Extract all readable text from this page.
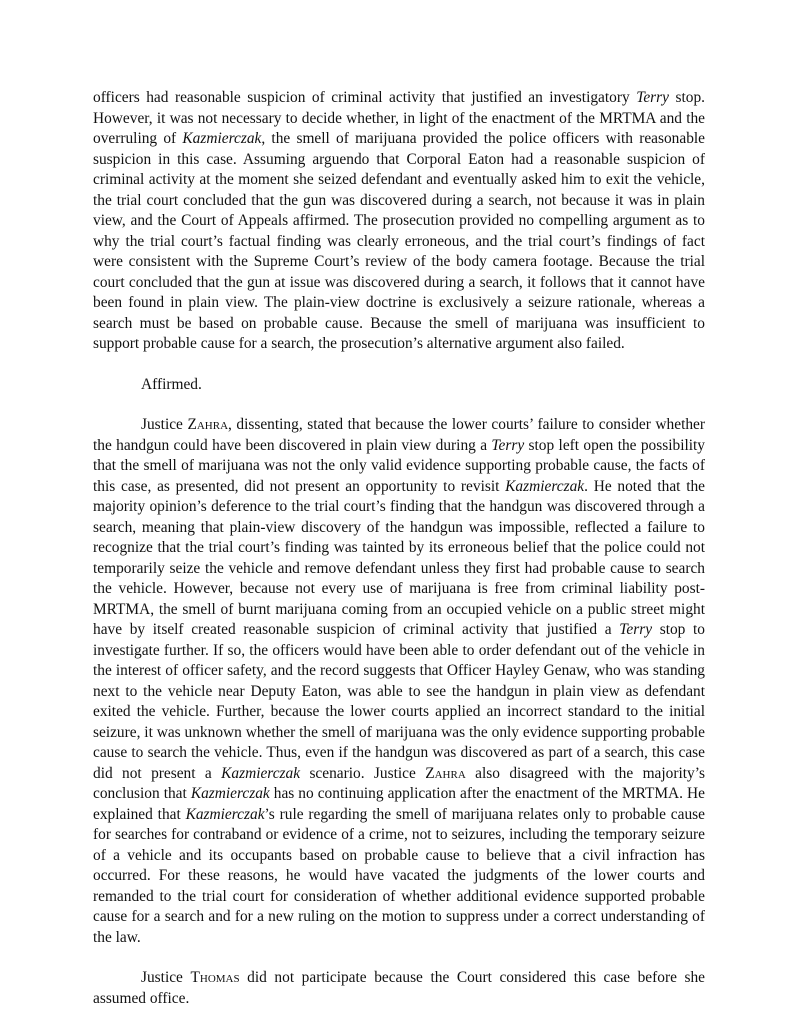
officers had reasonable suspicion of criminal activity that justified an investigatory Terry stop. However, it was not necessary to decide whether, in light of the enactment of the MRTMA and the overruling of Kazmierczak, the smell of marijuana provided the police officers with reasonable suspicion in this case. Assuming arguendo that Corporal Eaton had a reasonable suspicion of criminal activity at the moment she seized defendant and eventually asked him to exit the vehicle, the trial court concluded that the gun was discovered during a search, not because it was in plain view, and the Court of Appeals affirmed. The prosecution provided no compelling argument as to why the trial court’s factual finding was clearly erroneous, and the trial court’s findings of fact were consistent with the Supreme Court’s review of the body camera footage. Because the trial court concluded that the gun at issue was discovered during a search, it follows that it cannot have been found in plain view. The plain-view doctrine is exclusively a seizure rationale, whereas a search must be based on probable cause. Because the smell of marijuana was insufficient to support probable cause for a search, the prosecution’s alternative argument also failed.

Affirmed.

Justice Zahra, dissenting, stated that because the lower courts’ failure to consider whether the handgun could have been discovered in plain view during a Terry stop left open the possibility that the smell of marijuana was not the only valid evidence supporting probable cause, the facts of this case, as presented, did not present an opportunity to revisit Kazmierczak. He noted that the majority opinion’s deference to the trial court’s finding that the handgun was discovered through a search, meaning that plain-view discovery of the handgun was impossible, reflected a failure to recognize that the trial court’s finding was tainted by its erroneous belief that the police could not temporarily seize the vehicle and remove defendant unless they first had probable cause to search the vehicle. However, because not every use of marijuana is free from criminal liability post-MRTMA, the smell of burnt marijuana coming from an occupied vehicle on a public street might have by itself created reasonable suspicion of criminal activity that justified a Terry stop to investigate further. If so, the officers would have been able to order defendant out of the vehicle in the interest of officer safety, and the record suggests that Officer Hayley Genaw, who was standing next to the vehicle near Deputy Eaton, was able to see the handgun in plain view as defendant exited the vehicle. Further, because the lower courts applied an incorrect standard to the initial seizure, it was unknown whether the smell of marijuana was the only evidence supporting probable cause to search the vehicle. Thus, even if the handgun was discovered as part of a search, this case did not present a Kazmierczak scenario. Justice Zahra also disagreed with the majority’s conclusion that Kazmierczak has no continuing application after the enactment of the MRTMA. He explained that Kazmierczak’s rule regarding the smell of marijuana relates only to probable cause for searches for contraband or evidence of a crime, not to seizures, including the temporary seizure of a vehicle and its occupants based on probable cause to believe that a civil infraction has occurred. For these reasons, he would have vacated the judgments of the lower courts and remanded to the trial court for consideration of whether additional evidence supported probable cause for a search and for a new ruling on the motion to suppress under a correct understanding of the law.

Justice Thomas did not participate because the Court considered this case before she assumed office.
